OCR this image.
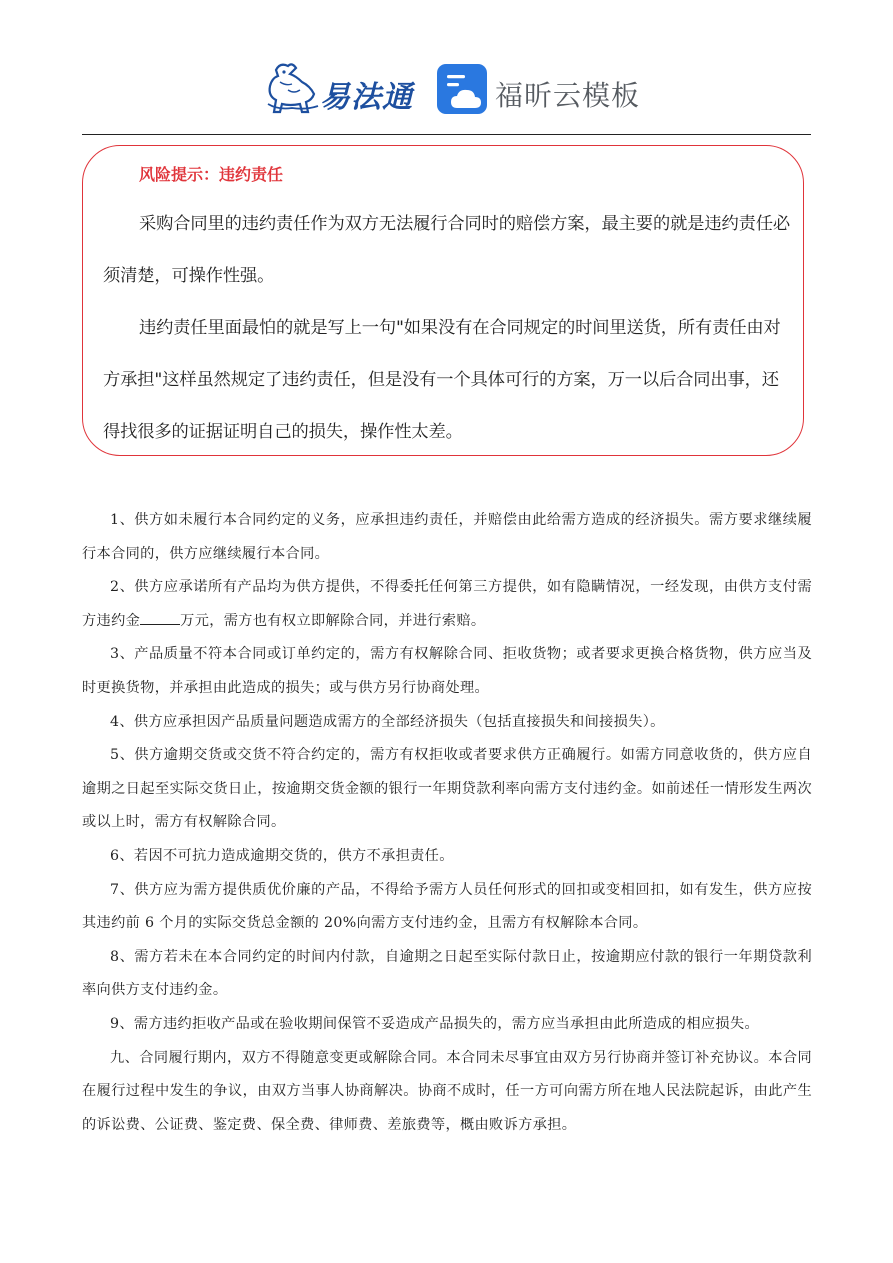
易法通	福昕云模板
风险提示：违约责任
采购合同里的违约责任作为双方无法履行合同时的赔偿方案，最主要的就是违约责任必须清楚，可操作性强。
违约责任里面最怕的就是写上一句"如果没有在合同规定的时间里送货，所有责任由对方承担"这样虽然规定了违约责任，但是没有一个具体可行的方案，万一以后合同出事，还得找很多的证据证明自己的损失，操作性太差。

1、供方如未履行本合同约定的义务，应承担违约责任，并赔偿由此给需方造成的经济损失。需方要求继续履行本合同的，供方应继续履行本合同。

2、供方应承诺所有产品均为供方提供，不得委托任何第三方提供，如有隐瞒情况，一经发现，由供方支付需方违约金	万元，需方也有权立即解除合同，并进行索赔。

3、产品质量不符本合同或订单约定的，需方有权解除合同、拒收货物；或者要求更换合格货物，供方应当及时更换货物，并承担由此造成的损失；或与供方另行协商处理。

4、供方应承担因产品质量问题造成需方的全部经济损失（包括直接损失和间接损失）。

5、供方逾期交货或交货不符合约定的，需方有权拒收或者要求供方正确履行。如需方同意收货的，供方应自逾期之日起至实际交货日止，按逾期交货金额的银行一年期贷款利率向需方支付违约金。如前述任一情形发生两次或以上时，需方有权解除合同。

6、若因不可抗力造成逾期交货的，供方不承担责任。

7、供方应为需方提供质优价廉的产品，不得给予需方人员任何形式的回扣或变相回扣，如有发生，供方应按其违约前 6 个月的实际交货总金额的 20%向需方支付违约金，且需方有权解除本合同。

8、需方若未在本合同约定的时间内付款，自逾期之日起至实际付款日止，按逾期应付款的银行一年期贷款利率向供方支付违约金。

9、需方违约拒收产品或在验收期间保管不妥造成产品损失的，需方应当承担由此所造成的相应损失。

九、合同履行期内，双方不得随意变更或解除合同。本合同未尽事宜由双方另行协商并签订补充协议。本合同在履行过程中发生的争议，由双方当事人协商解决。协商不成时，任一方可向需方所在地人民法院起诉，由此产生的诉讼费、公证费、鉴定费、保全费、律师费、差旅费等，概由败诉方承担。
